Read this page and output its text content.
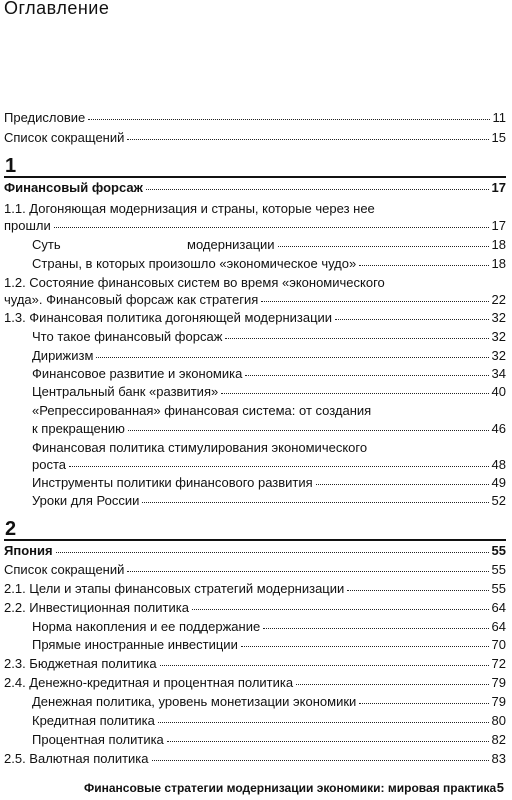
Оглавление
Предисловие	11
Список сокращений	15
1
Финансовый форсаж	17
1.1. Догоняющая модернизация и страны, которые через нее
прошли	17
Суть                                   модернизации	18
Страны, в которых произошло «экономическое чудо»	18
1.2. Состояние финансовых систем во время «экономического
чуда». Финансовый форсаж как стратегия	22
1.3. Финансовая политика догоняющей модернизации	32
Что такое финансовый форсаж	32
Дирижизм	32
Финансовое развитие и экономика	34
Центральный банк «развития»	40
«Репрессированная» финансовая система: от создания
к прекращению	46
Финансовая политика стимулирования экономического
роста	48
Инструменты политики финансового развития	49
Уроки для России	52
2
Япония	55
Список сокращений	55
2.1. Цели и этапы финансовых стратегий модернизации	55
2.2. Инвестиционная политика	64
Норма накопления и ее поддержание	64
Прямые иностранные инвестиции	70
2.3. Бюджетная политика	72
2.4. Денежно-кредитная и процентная политика	79
Денежная политика, уровень монетизации экономики	79
Кредитная политика	80
Процентная политика	82
2.5. Валютная политика	83
Финансовые стратегии модернизации экономики: мировая практика 5
